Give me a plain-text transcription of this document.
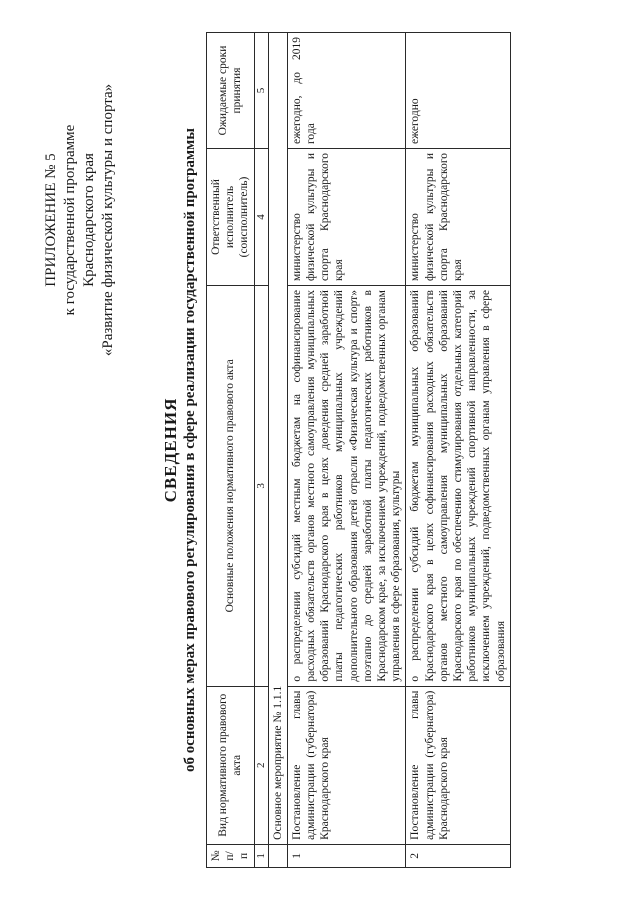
ПРИЛОЖЕНИЕ № 5 к государственной программе Краснодарского края «Развитие физической культуры и спорта»
СВЕДЕНИЯ об основных мерах правового регулирования в сфере реализации государственной программы
№ п/п	Вид нормативного правового акта	Основные положения нормативного правового акта	Ответственный исполнитель (соисполнитель)	Ожидаемые сроки принятия
1	2	3	4	5
	Основное мероприятие № 1.1.1			
1	Постановление главы администрации (губернатора) Краснодарского края	о распределении субсидий местным бюджетам на софинансирование расходных обязательств органов местного самоуправления муниципальных образований Краснодарского края в целях доведения средней заработной платы педагогических работников муниципальных учреждений дополнительного образования детей отрасли «Физическая культура и спорт» поэтапно до средней заработной платы педагогических работников в Краснодарском крае, за исключением учреждений, подведомственных органам управления в сфере образования, культуры	министерство физической культуры и спорта Краснодарского края	ежегодно, до 2019 года
2	Постановление главы администрации (губернатора) Краснодарского края	о распределении субсидий бюджетам муниципальных образований Краснодарского края в целях софинансирования расходных обязательств органов местного самоуправления муниципальных образований Краснодарского края по обеспечению стимулирования отдельных категорий работников муниципальных учреждений спортивной направленности, за исключением учреждений, подведомственных органам управления в сфере образования	министерство физической культуры и спорта Краснодарского края	ежегодно
